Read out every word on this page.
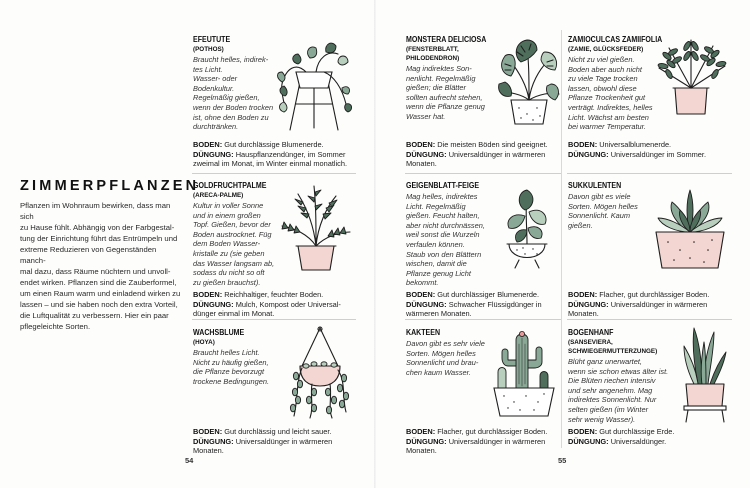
ZIMMERPFLANZEN

Pflanzen im Wohnraum bewirken, dass man sich
zu Hause fühlt. Abhängig von der Farbgestal-
tung der Einrichtung führt das Entrümpeln und
extreme Reduzieren von Gegenständen manch-
mal dazu, dass Räume nüchtern und unvoll-
endet wirken. Pflanzen sind die Zauberformel,
um einen Raum warm und einladend wirken zu
lassen – und sie haben noch den extra Vorteil,
die Luftqualität zu verbessern. Hier ein paar
pflegeleichte Sorten.

EFEUTUTE
(POTHOS)
Braucht helles, indirek-
tes Licht.
Wasser- oder
Bodenkultur.
Regelmäßig gießen,
wenn der Boden trocken
ist, ohne den Boden zu
durchtränken.
BODEN: Gut durchlässige Blumenerde.
DÜNGUNG: Hauspflanzendünger, im Sommer
zweimal im Monat, im Winter einmal monatlich.
GOLDFRUCHTPALME
(ARECA-PALME)
Kultur in voller Sonne
und in einem großen
Topf. Gießen, bevor der
Boden austrocknet. Füg
dem Boden Wasser-
kristalle zu (sie geben
das Wasser langsam ab,
sodass du nicht so oft
zu gießen brauchst).
BODEN: Reichhaltiger, feuchter Boden.
DÜNGUNG: Mulch, Kompost oder Universal-
dünger einmal im Monat.
WACHSBLUME
(HOYA)
Braucht helles Licht.
Nicht zu häufig gießen,
die Pflanze bevorzugt
trockene Bedingungen.
BODEN: Gut durchlässig und leicht sauer.
DÜNGUNG: Universaldünger in wärmeren Monaten.
MONSTERA DELICIOSA
(FENSTERBLATT,
PHILODENDRON)
Mag indirektes Son-
nenlicht. Regelmäßig
gießen; die Blätter
sollten aufrecht stehen,
wenn die Pflanze genug
Wasser hat.
BODEN: Die meisten Böden sind geeignet.
DÜNGUNG: Universaldünger in wärmeren
Monaten.
GEIGENBLATT-FEIGE
Mag helles, indirektes
Licht. Regelmäßig
gießen. Feucht halten,
aber nicht durchnässen,
weil sonst die Wurzeln
verfaulen können.
Staub von den Blättern
wischen, damit die
Pflanze genug Licht
bekommt.
BODEN: Gut durchlässiger Blumenerde.
DÜNGUNG: Schwacher Flüssigdünger in
wärmeren Monaten.
KAKTEEN
Davon gibt es sehr viele
Sorten. Mögen helles
Sonnenlicht und brau-
chen kaum Wasser.
BODEN: Flacher, gut durchlässiger Boden.
DÜNGUNG: Universaldünger in wärmeren Monaten.
ZAMIOCULCAS ZAMIIFOLIA
(ZAMIE, GLÜCKSFEDER)
Nicht zu viel gießen.
Boden aber auch nicht
zu viele Tage trocken
lassen, obwohl diese
Pflanze Trockenheit gut
verträgt. Indirektes, helles
Licht. Wächst am besten
bei warmer Temperatur.
BODEN: Universalblumenerde.
DÜNGUNG: Universaldünger im Sommer.
SUKKULENTEN
Davon gibt es viele
Sorten. Mögen helles
Sonnenlicht. Kaum
gießen.
BODEN: Flacher, gut durchlässiger Boden.
DÜNGUNG: Universaldünger in wärmeren
Monaten.
BOGENHANF
(SANSEVIERA,
SCHWIEGERMUTTERZUNGE)
Blüht ganz unerwartet,
wenn sie schon etwas älter ist.
Die Blüten riechen intensiv
und sehr angenehm. Mag
indirektes Sonnenlicht. Nur
selten gießen (im Winter
sehr wenig Wasser).
BODEN: Gut durchlässige Erde.
DÜNGUNG: Universaldünger.
54	55
